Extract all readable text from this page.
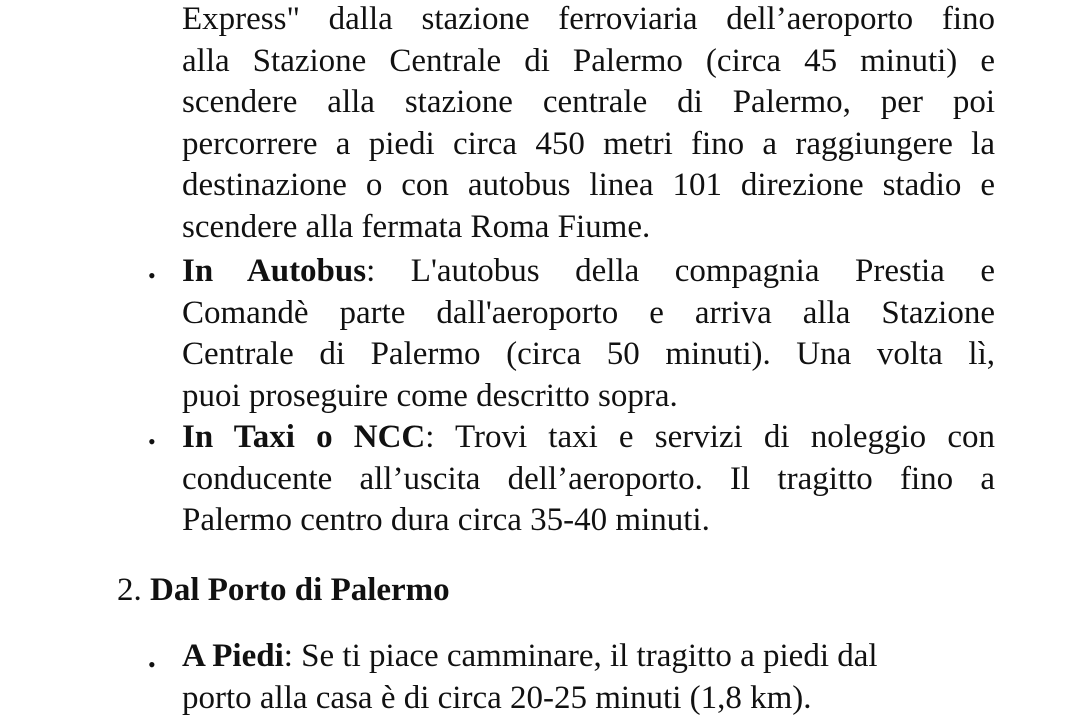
Express" dalla stazione ferroviaria dell’aeroporto fino
alla Stazione Centrale di Palermo (circa 45 minuti) e
scendere alla stazione centrale di Palermo, per poi
percorrere a piedi circa 450 metri fino a raggiungere la
destinazione o con autobus linea 101 direzione stadio e
scendere alla fermata Roma Fiume.
• In Autobus: L'autobus della compagnia Prestia e
Comandè parte dall'aeroporto e arriva alla Stazione
Centrale di Palermo (circa 50 minuti). Una volta lì,
puoi proseguire come descritto sopra.
• In Taxi o NCC: Trovi taxi e servizi di noleggio con
conducente all’uscita dell’aeroporto. Il tragitto fino a
Palermo centro dura circa 35-40 minuti.
2. Dal Porto di Palermo
• A Piedi: Se ti piace camminare, il tragitto a piedi dal
porto alla casa è di circa 20-25 minuti (1,8 km).
